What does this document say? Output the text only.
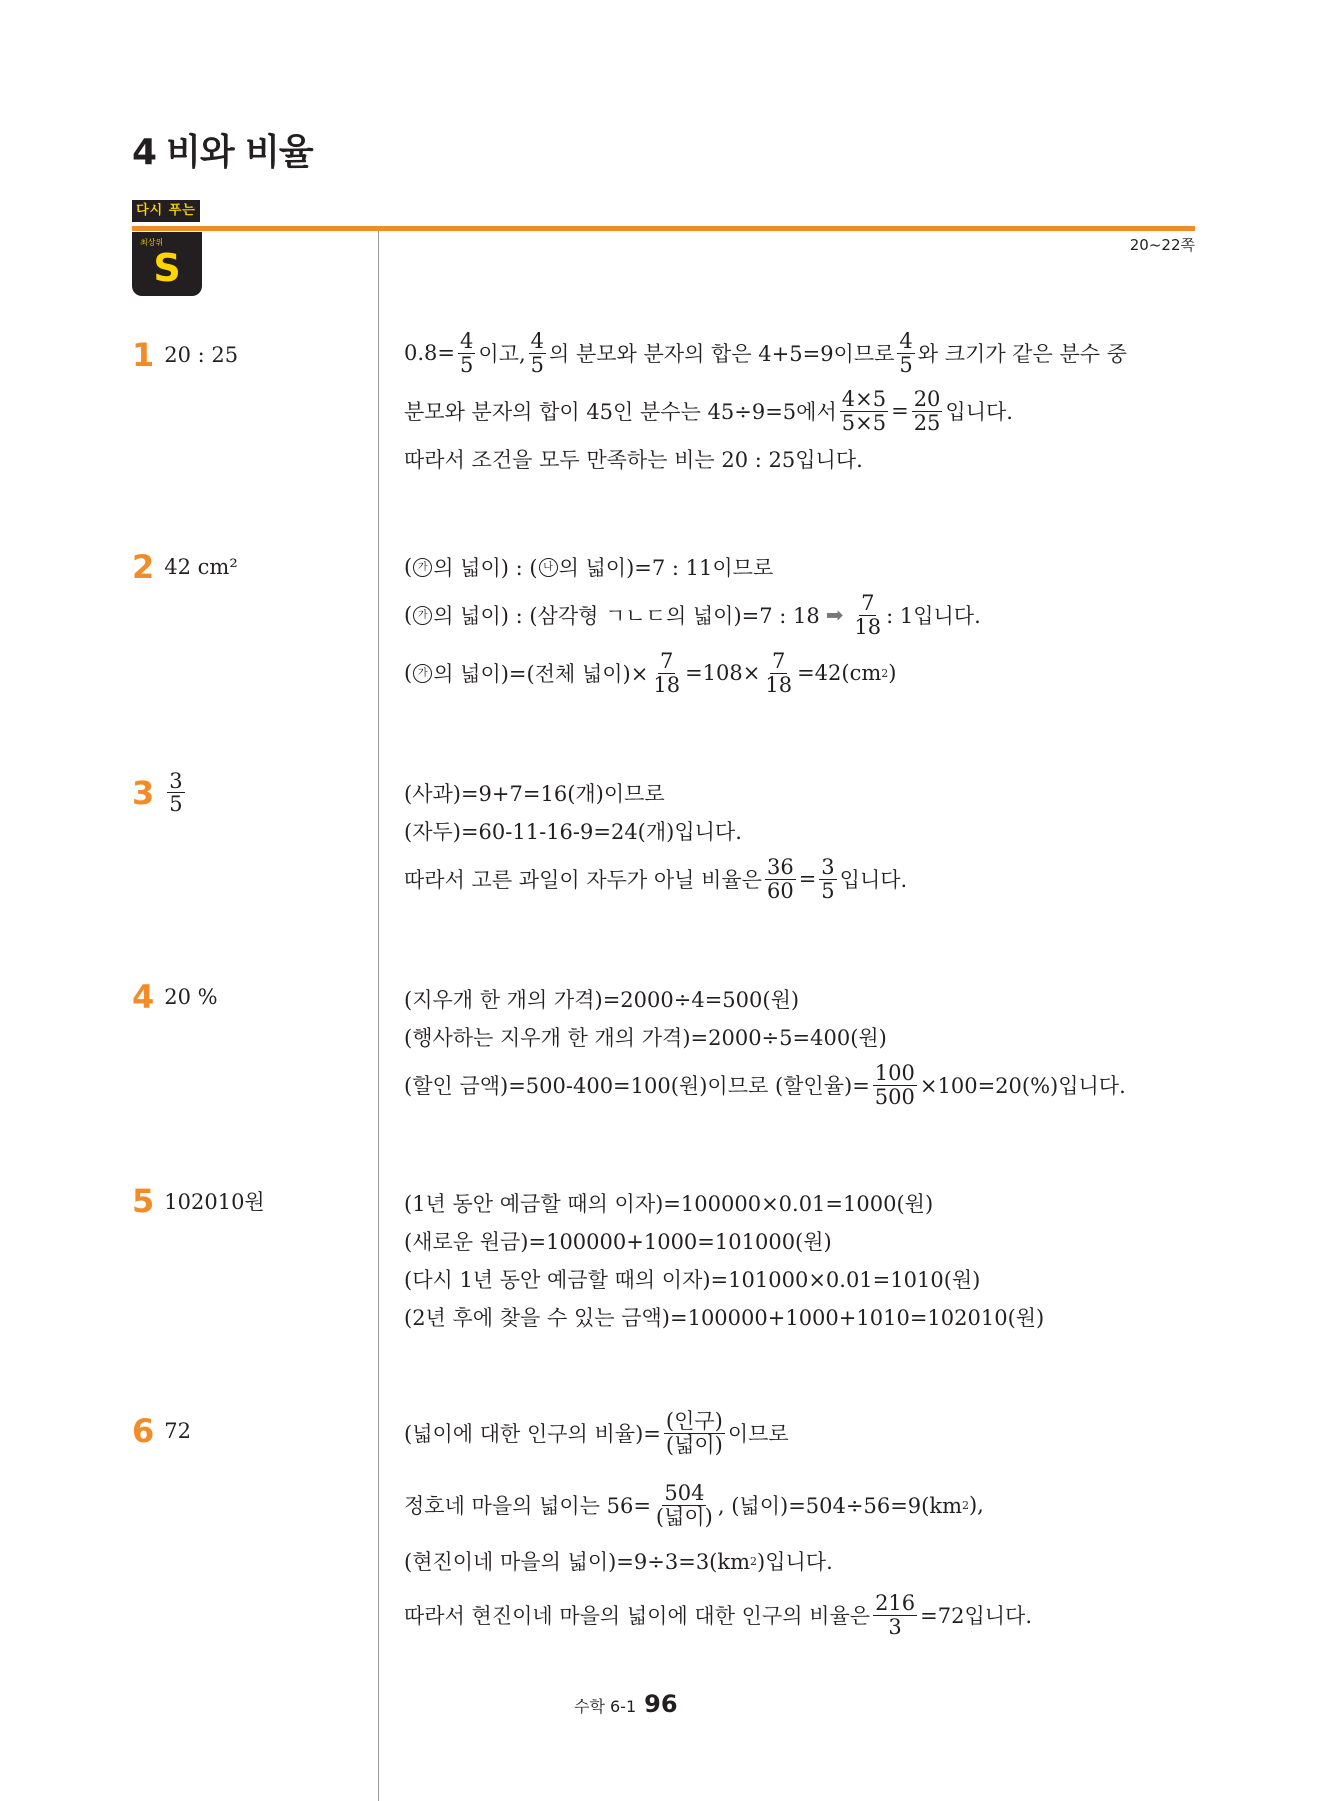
4 비와 비율
다시 푸는
최상위
S
20~22쪽
1 20 : 25
2 42 cm²
$3 \frac{3}{5}$
4 20 %
5 102010원
6 72
$0.8= \frac{4}{5}$ 이고, $\frac{4}{5}$ 의 분모와 분자의 합은 4+5=9이므로 $\frac{4}{5}$ 와 크기가 같은 분수 중
분모와 분자의 합이 45인 분수는 45÷9=5에서 $\frac{4\times 5}{5\times 5} = \frac{20}{25}$ 입니다.
따라서 조건을 모두 만족하는 비는 20 : 25입니다.
( 가 의 넓이) : ( 나 의 넓이)=7 : 11이므로
( 가 의 넓이) : (삼각형 ㄱㄴㄷ의 넓이)=7 : 18 ➡ $\frac{7}{18}$ : 1입니다.
( 가 의 넓이)=(전체 넓이)× $\frac{7}{18} =108\times \frac{7}{18} =42(cm$ 2 )
(사과)=9+7=16(개)이므로
(자두)=60-11-16-9=24(개)입니다.
따라서 고른 과일이 자두가 아닐 비율은 $\frac{36}{60} = \frac{3}{5}$ 입니다.
(지우개 한 개의 가격)=2000÷4=500(원)
(행사하는 지우개 한 개의 가격)=2000÷5=400(원)
(할인 금액)=500-400=100(원)이므로 (할인율)= $\frac{100}{500} \times 100=20(\%)$입니다.
(1년 동안 예금할 때의 이자)=100000×0.01=1000(원)
(새로운 원금)=100000+1000=101000(원)
(다시 1년 동안 예금할 때의 이자)=101000×0.01=1010(원)
(2년 후에 찾을 수 있는 금액)=100000+1000+1010=102010(원)
(넓이에 대한 인구의 비율)= $\frac{\text{(인구)}}{\text{(넓이)}}$ 이므로
정호네 마을의 넓이는 $56= \frac{504}{\text{(넓이)}}$ , (넓이)=504÷56=9(km 2 ),
(현진이네 마을의 넓이)=9÷3=3(km 2 )입니다.
따라서 현진이네 마을의 넓이에 대한 인구의 비율은 $\frac{216}{3} =72$입니다.
수학 6-1 96
